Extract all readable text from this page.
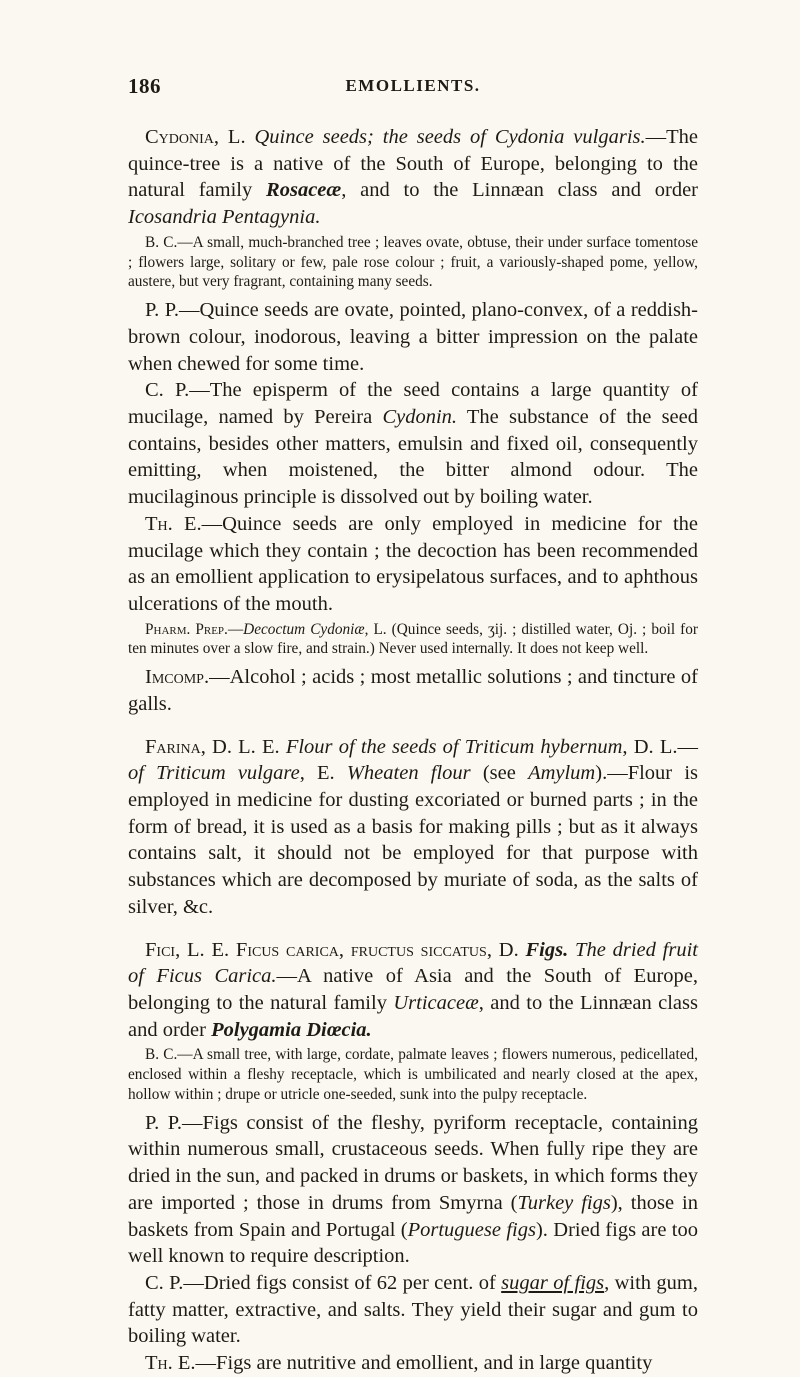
186	EMOLLIENTS.

Cydonia, L. Quince seeds; the seeds of Cydonia vulgaris.—The quince-tree is a native of the South of Europe, belonging to the natural family Rosaceæ, and to the Linnæan class and order Icosandria Pentagynia.

B. C.—A small, much-branched tree ; leaves ovate, obtuse, their under surface tomentose ; flowers large, solitary or few, pale rose colour ; fruit, a variously-shaped pome, yellow, austere, but very fragrant, containing many seeds.

P. P.—Quince seeds are ovate, pointed, plano-convex, of a reddish-brown colour, inodorous, leaving a bitter impression on the palate when chewed for some time.

C. P.—The episperm of the seed contains a large quantity of mucilage, named by Pereira Cydonin. The substance of the seed contains, besides other matters, emulsin and fixed oil, consequently emitting, when moistened, the bitter almond odour. The mucilaginous principle is dissolved out by boiling water.

Th. E.—Quince seeds are only employed in medicine for the mucilage which they contain ; the decoction has been recommended as an emollient application to erysipelatous surfaces, and to aphthous ulcerations of the mouth.

Pharm. Prep.—Decoctum Cydoniæ, L. (Quince seeds, ʒij. ; distilled water, Oj. ; boil for ten minutes over a slow fire, and strain.) Never used internally. It does not keep well.

Imcomp.—Alcohol ; acids ; most metallic solutions ; and tincture of galls.

Farina, D. L. E. Flour of the seeds of Triticum hybernum, D. L.—of Triticum vulgare, E. Wheaten flour (see Amylum).—Flour is employed in medicine for dusting excoriated or burned parts ; in the form of bread, it is used as a basis for making pills ; but as it always contains salt, it should not be employed for that purpose with substances which are decomposed by muriate of soda, as the salts of silver, &c.

Fici, L. E. Ficus carica, fructus siccatus, D. Figs. The dried fruit of Ficus Carica.—A native of Asia and the South of Europe, belonging to the natural family Urticaceæ, and to the Linnæan class and order Polygamia Diœcia.

B. C.—A small tree, with large, cordate, palmate leaves ; flowers numerous, pedicellated, enclosed within a fleshy receptacle, which is umbilicated and nearly closed at the apex, hollow within ; drupe or utricle one-seeded, sunk into the pulpy receptacle.

P. P.—Figs consist of the fleshy, pyriform receptacle, containing within numerous small, crustaceous seeds. When fully ripe they are dried in the sun, and packed in drums or baskets, in which forms they are imported ; those in drums from Smyrna (Turkey figs), those in baskets from Spain and Portugal (Portuguese figs). Dried figs are too well known to require description.

C. P.—Dried figs consist of 62 per cent. of sugar of figs, with gum, fatty matter, extractive, and salts. They yield their sugar and gum to boiling water.

Th. E.—Figs are nutritive and emollient, and in large quantity
